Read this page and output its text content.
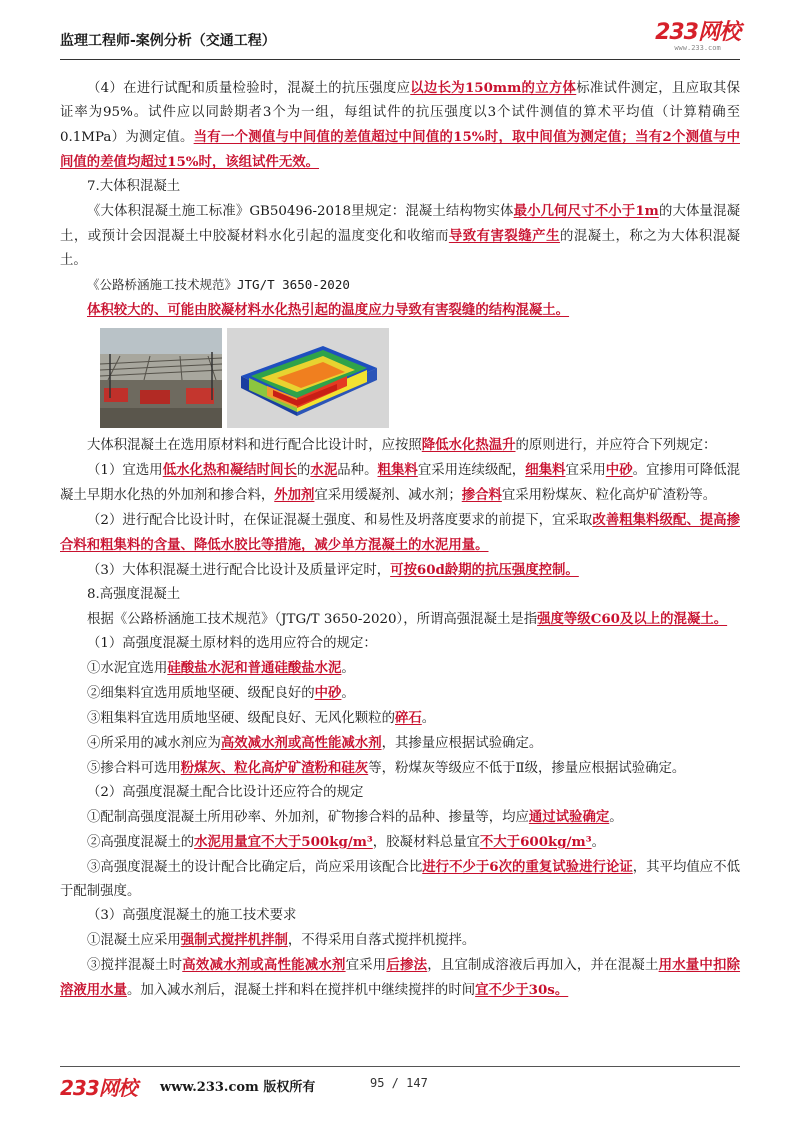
监理工程师-案例分析（交通工程）	233网校
www.233.com

（4）在进行试配和质量检验时，混凝土的抗压强度应以边长为150mm的立方体标准试件测定，且应取其保证率为95%。试件应以同龄期者3个为一组，每组试件的抗压强度以3个试件测值的算术平均值（计算精确至0.1MPa）为测定值。当有一个测值与中间值的差值超过中间值的15%时，取中间值为测定值；当有2个测值与中间值的差值均超过15%时，该组试件无效。

7.大体积混凝土

《大体积混凝土施工标准》GB50496-2018里规定：混凝土结构物实体最小几何尺寸不小于1m的大体量混凝土，或预计会因混凝土中胶凝材料水化引起的温度变化和收缩而导致有害裂缝产生的混凝土，称之为大体积混凝土。

《公路桥涵施工技术规范》JTG/T 3650-2020

体积较大的、可能由胶凝材料水化热引起的温度应力导致有害裂缝的结构混凝土。

大体积混凝土在选用原材料和进行配合比设计时，应按照降低水化热温升的原则进行，并应符合下列规定：

（1）宜选用低水化热和凝结时间长的水泥品种。粗集料宜采用连续级配，细集料宜采用中砂。宜掺用可降低混凝土早期水化热的外加剂和掺合料，外加剂宜采用缓凝剂、减水剂；掺合料宜采用粉煤灰、粒化高炉矿渣粉等。

（2）进行配合比设计时，在保证混凝土强度、和易性及坍落度要求的前提下，宜采取改善粗集料级配、提高掺合料和粗集料的含量、降低水胶比等措施，减少单方混凝土的水泥用量。

（3）大体积混凝土进行配合比设计及质量评定时，可按60d龄期的抗压强度控制。

8.高强度混凝土

根据《公路桥涵施工技术规范》（JTG/T 3650-2020），所谓高强混凝土是指强度等级C60及以上的混凝土。

（1）高强度混凝土原材料的选用应符合的规定：

①水泥宜选用硅酸盐水泥和普通硅酸盐水泥。

②细集料宜选用质地坚硬、级配良好的中砂。

③粗集料宜选用质地坚硬、级配良好、无风化颗粒的碎石。

④所采用的减水剂应为高效减水剂或高性能减水剂，其掺量应根据试验确定。

⑤掺合料可选用粉煤灰、粒化高炉矿渣粉和硅灰等，粉煤灰等级应不低于Ⅱ级，掺量应根据试验确定。

（2）高强度混凝土配合比设计还应符合的规定

①配制高强度混凝土所用砂率、外加剂，矿物掺合料的品种、掺量等，均应通过试验确定。

②高强度混凝土的水泥用量宜不大于500kg/m³，胶凝材料总量宜不大于600kg/m³。

③高强度混凝土的设计配合比确定后，尚应采用该配合比进行不少于6次的重复试验进行论证，其平均值应不低于配制强度。

（3）高强度混凝土的施工技术要求

①混凝土应采用强制式搅拌机拌制，不得采用自落式搅拌机搅拌。

③搅拌混凝土时高效减水剂或高性能减水剂宜采用后掺法，且宜制成溶液后再加入，并在混凝土用水量中扣除溶液用水量。加入减水剂后，混凝土拌和料在搅拌机中继续搅拌的时间宜不少于30s。

233网校 www.233.com 版权所有	95 / 147
